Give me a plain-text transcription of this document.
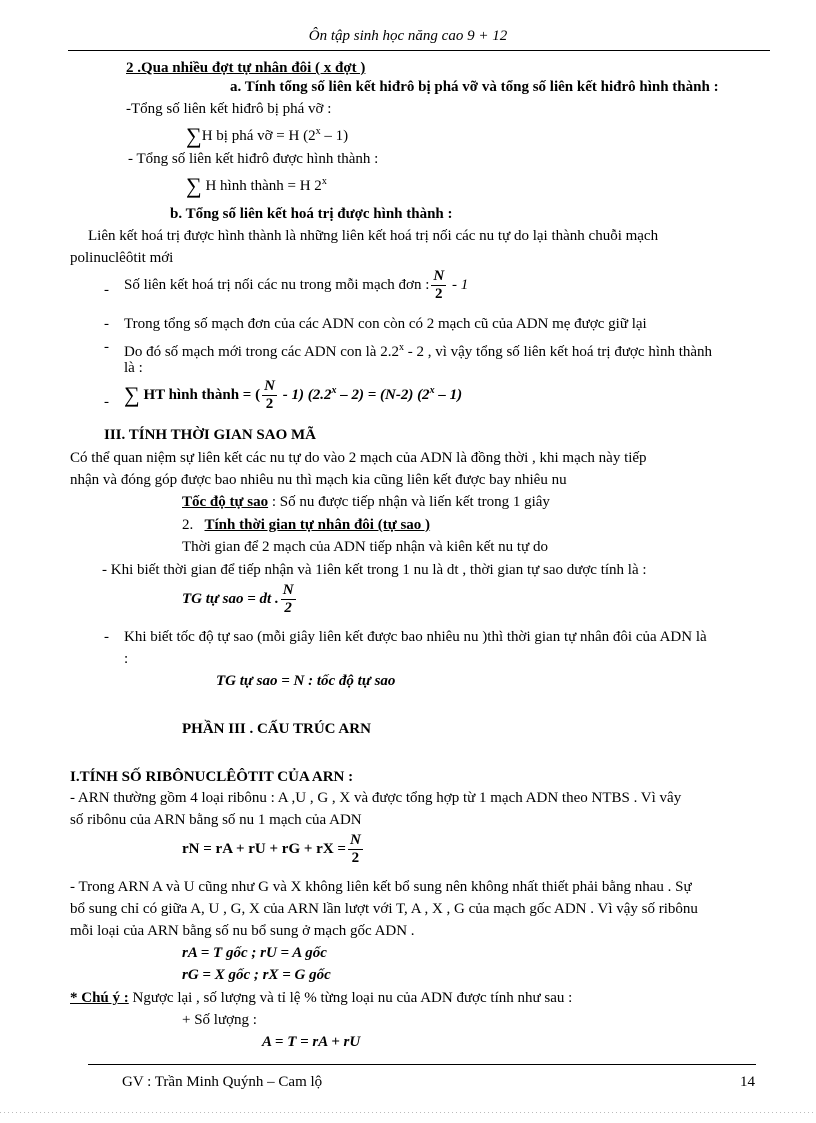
Ôn tập sinh học năng cao 9 + 12
2 .Qua nhiều đợt tự nhân đôi ( x đợt )
a. Tính tổng số liên kết hiđrô bị phá vỡ và tổng số liên kết hiđrô hình thành :
-Tổng số liên kết hiđrô bị phá vỡ :
∑H bị phá vỡ = H (2$^x$ – 1)
- Tổng số liên kết hiđrô được hình thành :
∑ H hình thành = H 2$^x$
b. Tổng số liên kết hoá trị được hình thành :
Liên kết hoá trị được hình thành là những liên kết hoá trị nối các nu tự do lại thành chuỗi mạch
polinuclêôtit mới
- Số liên kết hoá trị nối các nu trong mỗi mạch đơn : $\frac{N}{2} - 1$
- Trong tổng số mạch đơn của các ADN con còn có 2 mạch cũ của ADN mẹ được giữ lại
- Do đó số mạch mới trong các ADN con là 2.2$^x$ - 2 , vì vậy tổng số liên kết hoá trị được hình thành
là :
- ∑ HT hình thành = ( $\frac{N}{2} - 1$) (2.2$^x$ – 2) = (N-2) (2$^x$ – 1)
III. TÍNH THỜI GIAN SAO MÃ
Có thể quan niệm sự liên kết các nu tự do vào 2 mạch của ADN là đồng thời , khi mạch này tiếp
nhận và đóng góp được bao nhiêu nu thì mạch kia cũng liên kết được bay nhiêu nu
Tốc độ tự sao : Số nu được tiếp nhận và liến kết trong 1 giây
2. Tính thời gian tự nhân đôi (tự sao )
Thời gian để 2 mạch của ADN tiếp nhận và kiên kết nu tự do
- Khi biết thời gian để tiếp nhận và 1iên kết trong 1 nu là dt , thời gian tự sao dược tính là :
TG tự sao = dt . $\frac{N}{2}$
- Khi biết tốc độ tự sao (mỗi giây liên kết được bao nhiêu nu )thì thời gian tự nhân đôi của ADN là
:
TG tự sao = N : tốc độ tự sao
PHẦN III . CẤU TRÚC ARN
I.TÍNH SỐ RIBÔNUCLÊÔTIT CỦA ARN :
- ARN thường gồm 4 loại ribônu : A ,U , G , X và được tổng hợp từ 1 mạch ADN theo NTBS . Vì vây
số ribônu của ARN bằng số nu 1 mạch của ADN
rN = rA + rU + rG + rX = $\frac{N}{2}$
- Trong ARN A và U cũng như G và X không liên kết bổ sung nên không nhất thiết phải bằng nhau . Sự
bổ sung chỉ có giữa A, U , G, X của ARN lần lượt với T, A , X , G của mạch gốc ADN . Vì vậy số ribônu
mỗi loại của ARN bằng số nu bổ sung ở mạch gốc ADN .
rA = T gốc ; rU = A gốc
rG = X gốc ; rX = G gốc
* Chú ý : Ngược lại , số lượng và tỉ lệ % từng loại nu của ADN được tính như sau :
+ Số lượng :
A = T = rA + rU
GV : Trần Minh Quýnh – Cam lộ	14
